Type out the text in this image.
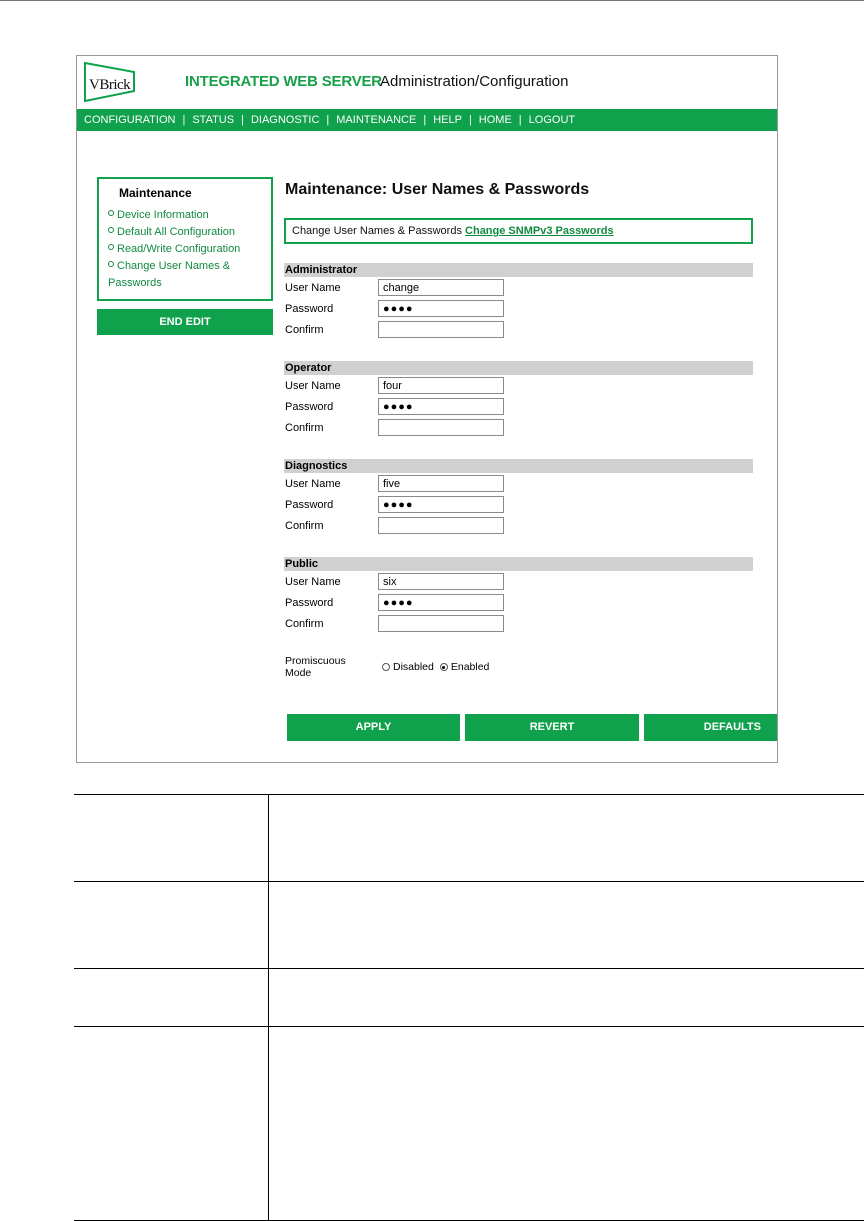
VBrick	INTEGRATED WEB SERVER
Administration/Configuration
CONFIGURATION | STATUS | DIAGNOSTIC | MAINTENANCE | HELP | HOME | LOGOUT
Maintenance
Device Information
Default All Configuration
Read/Write Configuration
Change User Names & Passwords
END EDIT
Maintenance: User Names & Passwords
Change User Names & Passwords Change SNMPv3 Passwords
Administrator
User Name	change
Password	●●●●
Confirm
Operator
User Name	four
Password	●●●●
Confirm
Diagnostics
User Name	five
Password	●●●●
Confirm
Public
User Name	six
Password	●●●●
Confirm
Promiscuous Mode	Disabled Enabled
APPLY	REVERT	DEFAULTS
